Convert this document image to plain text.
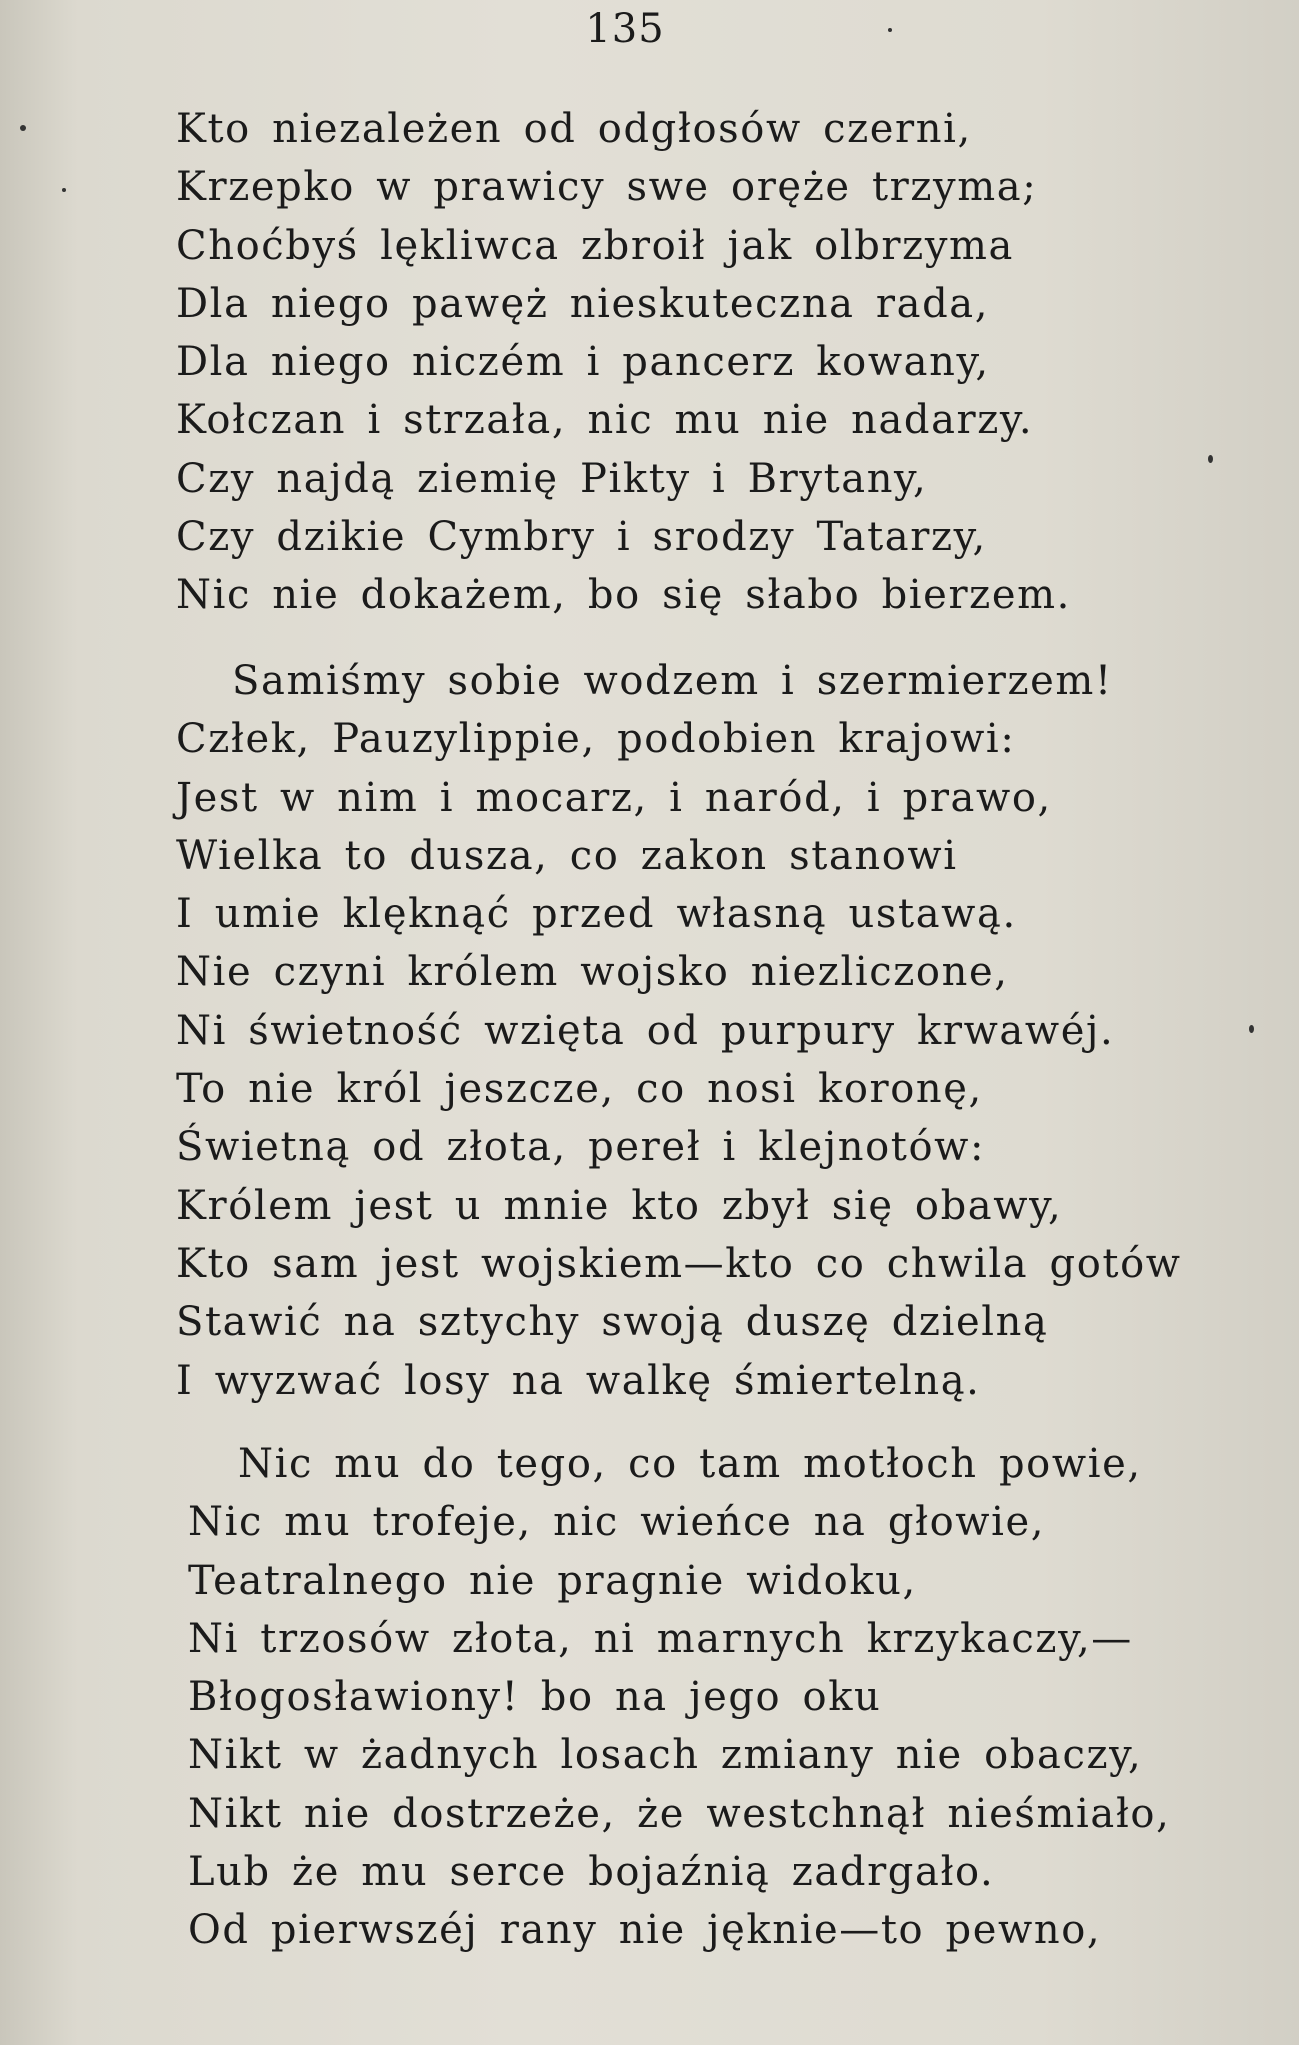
135
Kto niezależen od odgłosów czerni,
Krzepko w prawicy swe oręże trzyma;
Choćbyś lękliwca zbroił jak olbrzyma
Dla niego pawęż nieskuteczna rada,
Dla niego niczém i pancerz kowany,
Kołczan i strzała, nic mu nie nadarzy.
Czy najdą ziemię Pikty i Brytany,
Czy dzikie Cymbry i srodzy Tatarzy,
Nic nie dokażem, bo się słabo bierzem.
Samiśmy sobie wodzem i szermierzem!
Człek, Pauzylippie, podobien krajowi:
Jest w nim i mocarz, i naród, i prawo,
Wielka to dusza, co zakon stanowi
I umie klęknąć przed własną ustawą.
Nie czyni królem wojsko niezliczone,
Ni świetność wzięta od purpury krwawéj.
To nie król jeszcze, co nosi koronę,
Świetną od złota, pereł i klejnotów:
Królem jest u mnie kto zbył się obawy,
Kto sam jest wojskiem—kto co chwila gotów
Stawić na sztychy swoją duszę dzielną
I wyzwać losy na walkę śmiertelną.
Nic mu do tego, co tam motłoch powie,
Nic mu trofeje, nic wieńce na głowie,
Teatralnego nie pragnie widoku,
Ni trzosów złota, ni marnych krzykaczy,—
Błogosławiony! bo na jego oku
Nikt w żadnych losach zmiany nie obaczy,
Nikt nie dostrzeże, że westchnął nieśmiało,
Lub że mu serce bojaźnią zadrgało.
Od pierwszéj rany nie jęknie—to pewno,
